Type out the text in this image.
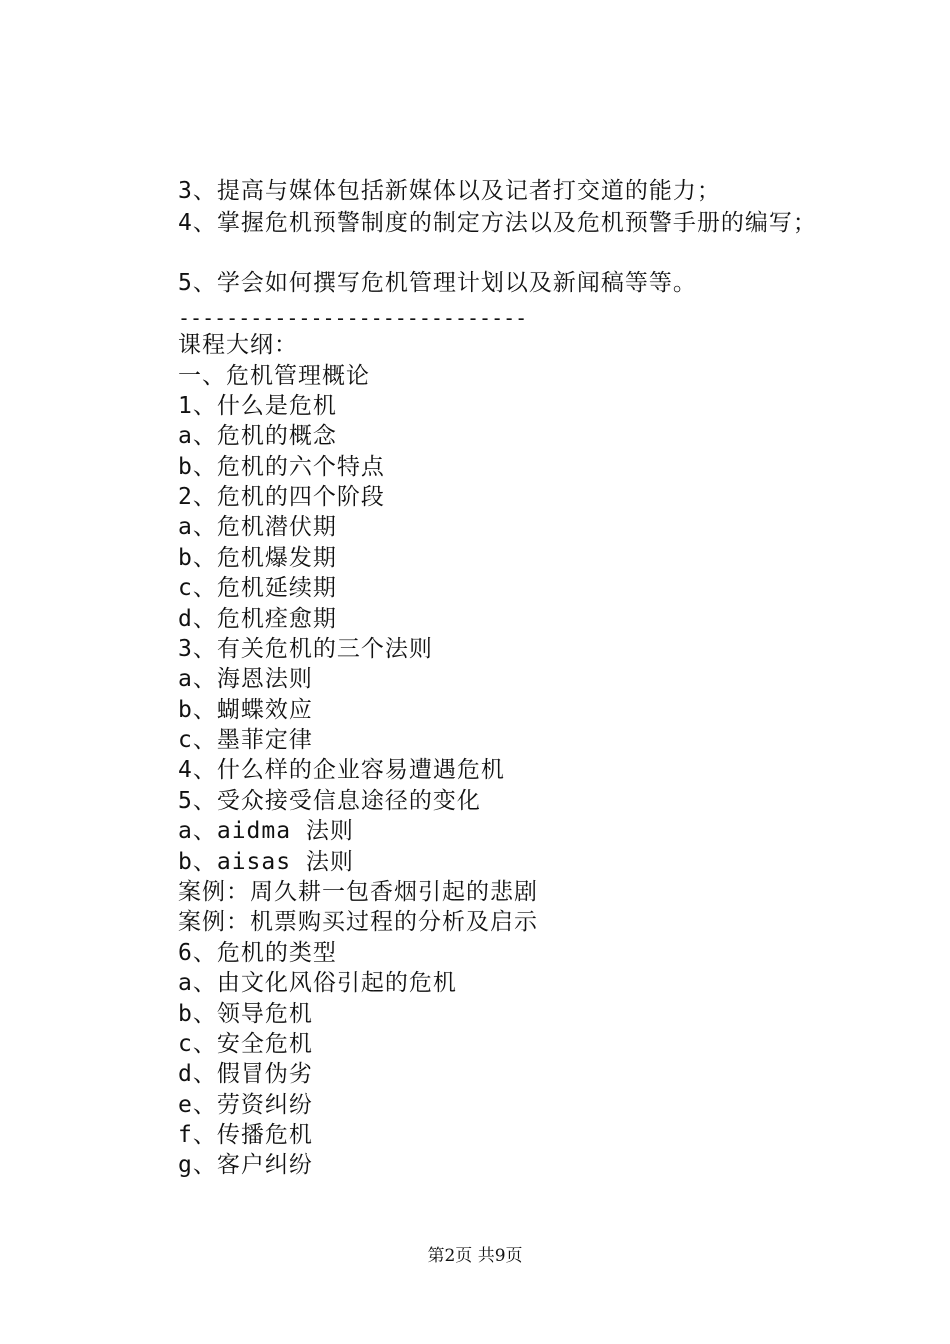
3、提高与媒体包括新媒体以及记者打交道的能力；
4、掌握危机预警制度的制定方法以及危机预警手册的编写；
5、学会如何撰写危机管理计划以及新闻稿等等。
-----------------------------
课程大纲：
一、危机管理概论
1、什么是危机
a、危机的概念
b、危机的六个特点
2、危机的四个阶段
a、危机潜伏期
b、危机爆发期
c、危机延续期
d、危机痊愈期
3、有关危机的三个法则
a、海恩法则
b、蝴蝶效应
c、墨菲定律
4、什么样的企业容易遭遇危机
5、受众接受信息途径的变化
a、aidma 法则
b、aisas 法则
案例：周久耕一包香烟引起的悲剧
案例：机票购买过程的分析及启示
6、危机的类型
a、由文化风俗引起的危机
b、领导危机
c、安全危机
d、假冒伪劣
e、劳资纠纷
f、传播危机
g、客户纠纷
第2页 共9页
